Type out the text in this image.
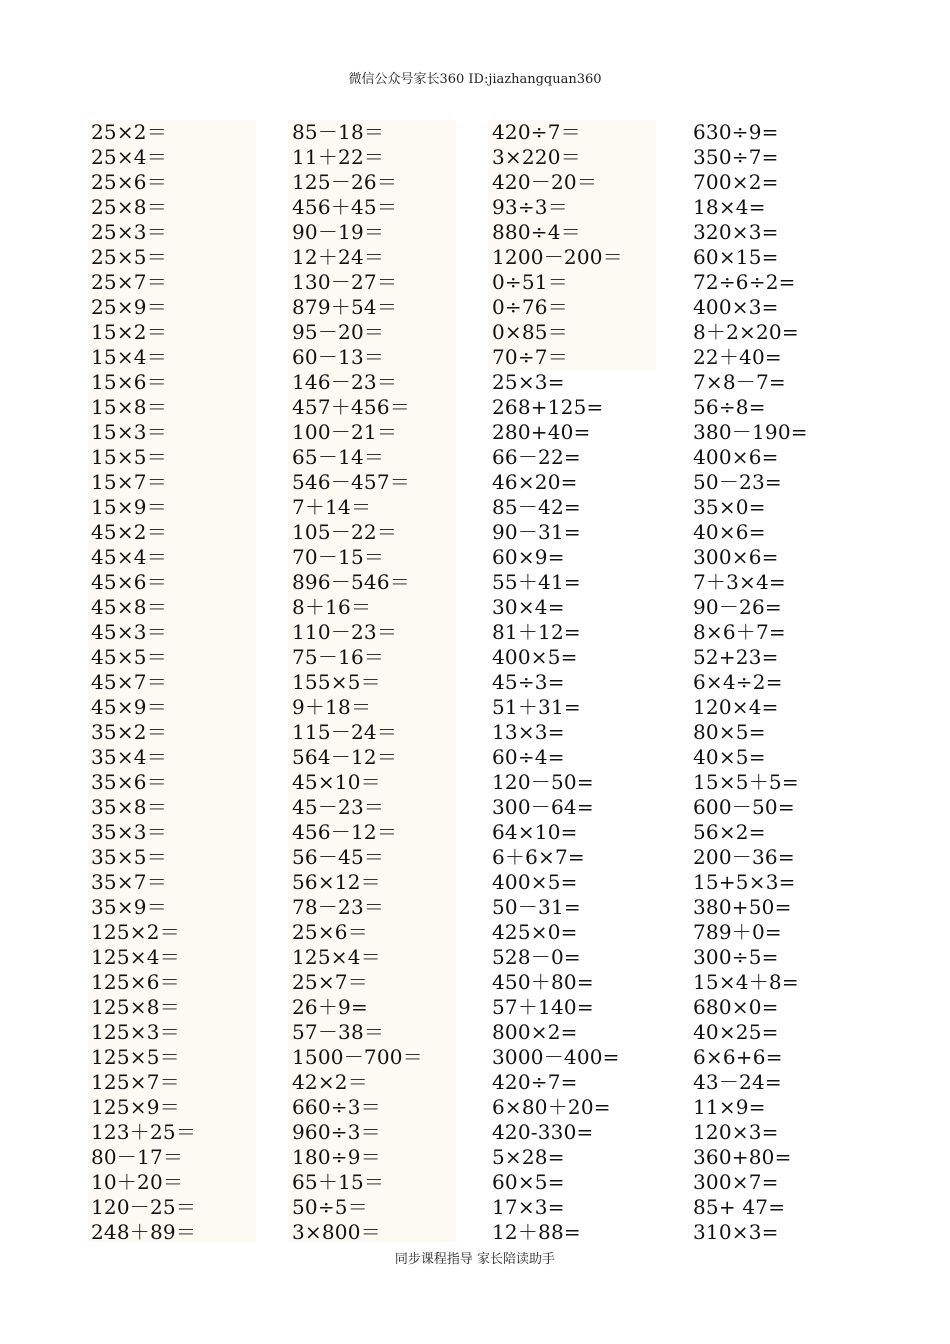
微信公众号家长360 ID:jiazhangquan360
25×2＝
25×4＝
25×6＝
25×8＝
25×3＝
25×5＝
25×7＝
25×9＝
15×2＝
15×4＝
15×6＝
15×8＝
15×3＝
15×5＝
15×7＝
15×9＝
45×2＝
45×4＝
45×6＝
45×8＝
45×3＝
45×5＝
45×7＝
45×9＝
35×2＝
35×4＝
35×6＝
35×8＝
35×3＝
35×5＝
35×7＝
35×9＝
125×2＝
125×4＝
125×6＝
125×8＝
125×3＝
125×5＝
125×7＝
125×9＝
123＋25＝
80－17＝
10＋20＝
120－25＝
248＋89＝
85－18＝
11＋22＝
125－26＝
456＋45＝
90－19＝
12＋24＝
130－27＝
879＋54＝
95－20＝
60－13＝
146－23＝
457＋456＝
100－21＝
65－14＝
546－457＝
7＋14＝
105－22＝
70－15＝
896－546＝
8＋16＝
110－23＝
75－16＝
155×5＝
9＋18＝
115－24＝
564－12＝
45×10＝
45－23＝
456－12＝
56－45＝
56×12＝
78－23＝
25×6＝
125×4＝
25×7＝
26＋9=
57－38＝
1500－700＝
42×2＝
660÷3＝
960÷3＝
180÷9＝
65＋15＝
50÷5＝
3×800＝
420÷7＝
3×220＝
420－20＝
93÷3＝
880÷4＝
1200－200＝
0÷51＝
0÷76＝
0×85＝
70÷7＝
25×3=
268+125=
280+40=
66－22=
46×20=
85－42=
90－31=
60×9=
55＋41=
30×4=
81＋12=
400×5=
45÷3=
51＋31=
13×3=
60÷4=
120－50=
300－64=
64×10=
6＋6×7=
400×5=
50－31=
425×0=
528－0=
450＋80=
57＋140=
800×2=
3000－400=
420÷7=
6×80＋20=
420-330=
5×28=
60×5=
17×3=
12＋88=
630÷9=
350÷7=
700×2=
18×4=
320×3=
60×15=
72÷6÷2=
400×3=
8＋2×20=
22＋40=
7×8－7=
56÷8=
380－190=
400×6=
50－23=
35×0=
40×6=
300×6=
7＋3×4=
90－26=
8×6＋7=
52+23=
6×4÷2=
120×4=
80×5=
40×5=
15×5＋5=
600－50=
56×2=
200－36=
15+5×3=
380+50=
789＋0=
300÷5=
15×4＋8=
680×0=
40×25=
6×6+6=
43－24=
11×9=
120×3=
360+80=
300×7=
85+ 47=
310×3=
同步课程指导 家长陪读助手
